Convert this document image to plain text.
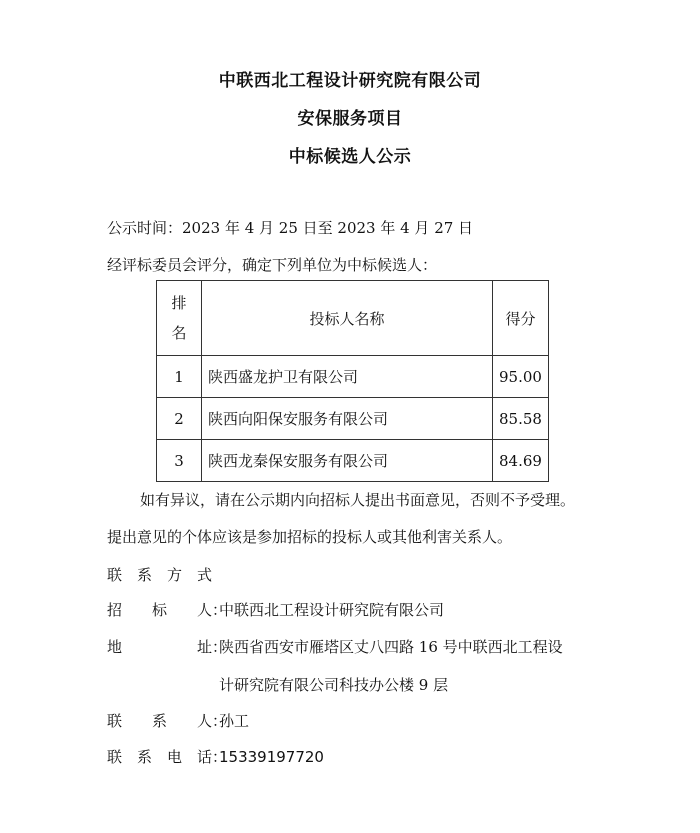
中联西北工程设计研究院有限公司
安保服务项目
中标候选人公示
公示时间：2023 年 4 月 25 日至 2023 年 4 月 27 日
经评标委员会评分，确定下列单位为中标候选人：
排
名	投标人名称	得分
1	陕西盛龙护卫有限公司	95.00
2	陕西向阳保安服务有限公司	85.58
3	陕西龙秦保安服务有限公司	84.69
如有异议，请在公示期内向招标人提出书面意见，否则不予受理。
提出意见的个体应该是参加招标的投标人或其他利害关系人。
联　系　方　式
招　　标　　人：中联西北工程设计研究院有限公司
地　　　　　址：陕西省西安市雁塔区丈八四路 16 号中联西北工程设
计研究院有限公司科技办公楼 9 层
联　　系　　人：孙工
联　系　电　话：15339197720
